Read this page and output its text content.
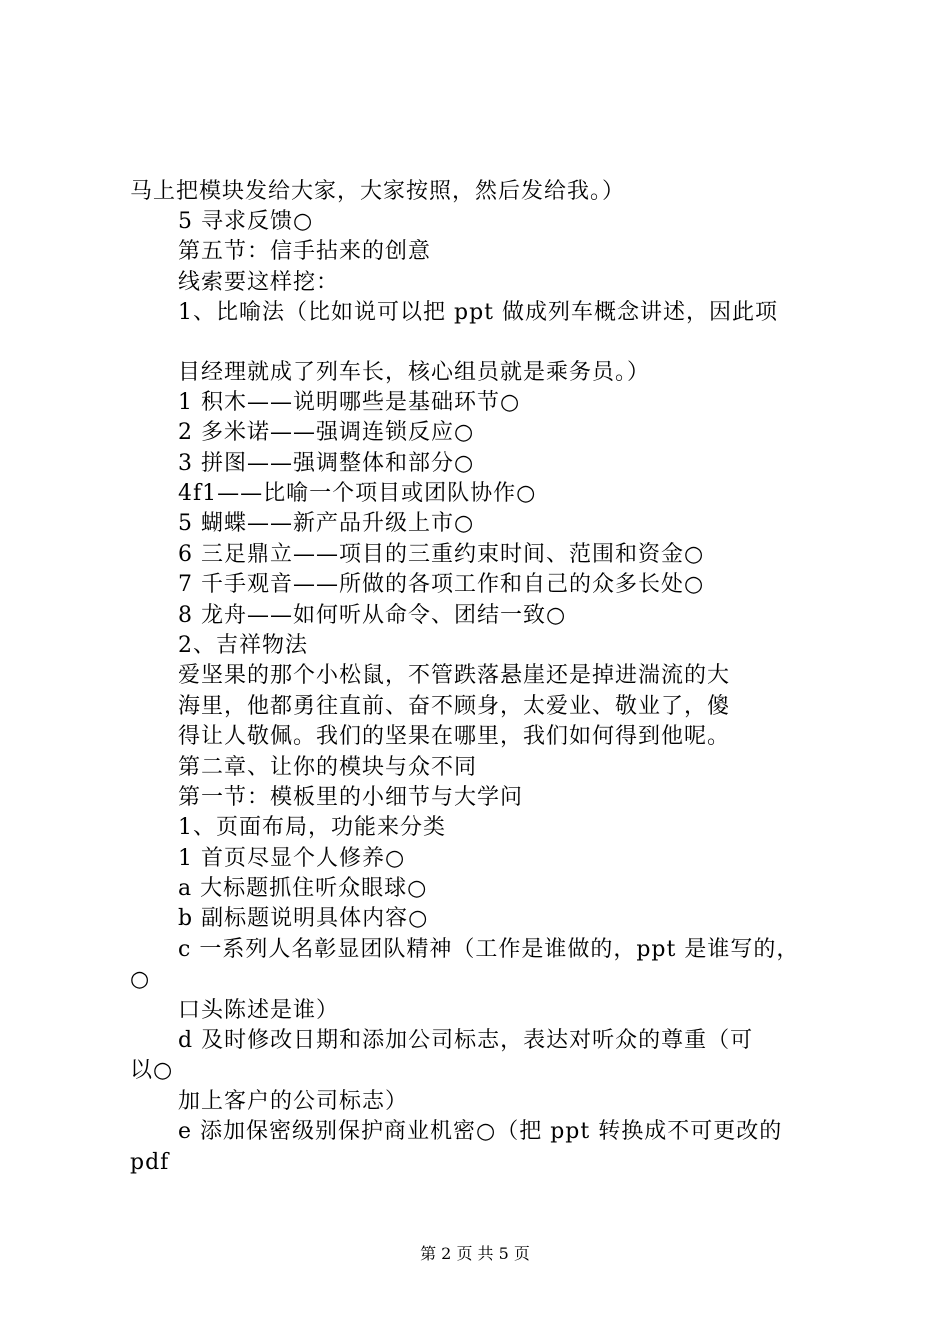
马上把模块发给大家，大家按照，然后发给我。）
5 寻求反馈○
第五节：信手拈来的创意
线索要这样挖：
1、比喻法（比如说可以把 ppt 做成列车概念讲述，因此项
目经理就成了列车长，核心组员就是乘务员。）
1 积木——说明哪些是基础环节○
2 多米诺——强调连锁反应○
3 拼图——强调整体和部分○
4f1——比喻一个项目或团队协作○
5 蝴蝶——新产品升级上市○
6 三足鼎立——项目的三重约束时间、范围和资金○
7 千手观音——所做的各项工作和自己的众多长处○
8 龙舟——如何听从命令、团结一致○
2、吉祥物法
爱坚果的那个小松鼠，不管跌落悬崖还是掉进湍流的大
海里，他都勇往直前、奋不顾身，太爱业、敬业了，傻
得让人敬佩。我们的坚果在哪里，我们如何得到他呢。
第二章、让你的模块与众不同
第一节：模板里的小细节与大学问
1、页面布局，功能来分类
1 首页尽显个人修养○
a 大标题抓住听众眼球○
b 副标题说明具体内容○
c 一系列人名彰显团队精神（工作是谁做的，ppt 是谁写的，
○
口头陈述是谁）
d 及时修改日期和添加公司标志，表达对听众的尊重（可
以○
加上客户的公司标志）
e 添加保密级别保护商业机密○（把 ppt 转换成不可更改的
pdf
第 2 页 共 5 页
